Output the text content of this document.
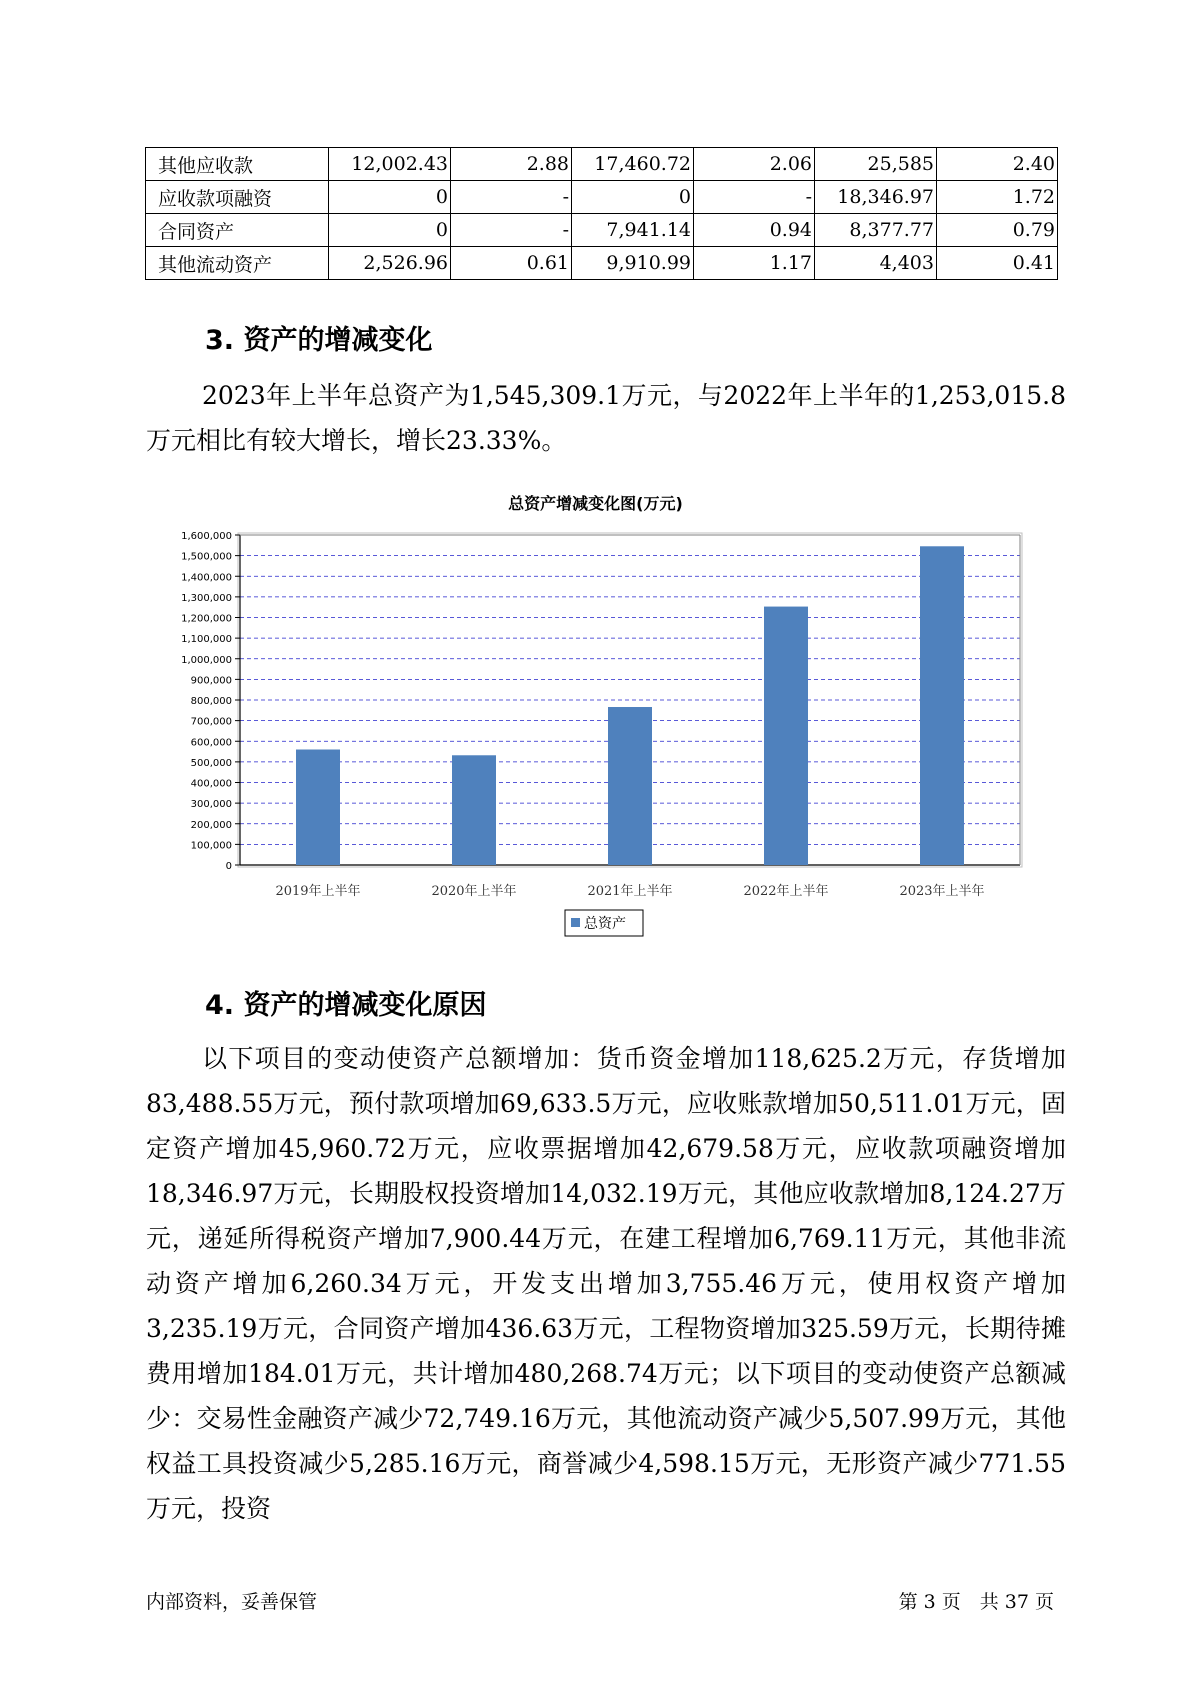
其他应收款	12,002.43	2.88	17,460.72	2.06	25,585	2.40
应收款项融资	0	-	0	-	18,346.97	1.72
合同资产	0	-	7,941.14	0.94	8,377.77	0.79
其他流动资产	2,526.96	0.61	9,910.99	1.17	4,403	0.41
3. 资产的增减变化

2023年上半年总资产为1,545,309.1万元，与2022年上半年的1,253,015.8万元相比有较大增长，增长23.33%。

总资产增减变化图(万元)
0
100,000
200,000
300,000
400,000
500,000
600,000
700,000
800,000
900,000
1,000,000
1,100,000
1,200,000
1,300,000
1,400,000
1,500,000
1,600,000
2019年上半年	2020年上半年	2021年上半年	2022年上半年	2023年上半年
总资产
4. 资产的增减变化原因

以下项目的变动使资产总额增加：货币资金增加118,625.2万元，存货增加83,488.55万元，预付款项增加69,633.5万元，应收账款增加50,511.01万元，固定资产增加45,960.72万元，应收票据增加42,679.58万元，应收款项融资增加18,346.97万元，长期股权投资增加14,032.19万元，其他应收款增加8,124.27万元，递延所得税资产增加7,900.44万元，在建工程增加6,769.11万元，其他非流动资产增加6,260.34万元，开发支出增加3,755.46万元，使用权资产增加3,235.19万元，合同资产增加436.63万元，工程物资增加325.59万元，长期待摊费用增加184.01万元，共计增加480,268.74万元；以下项目的变动使资产总额减少：交易性金融资产减少72,749.16万元，其他流动资产减少5,507.99万元，其他权益工具投资减少5,285.16万元，商誉减少4,598.15万元，无形资产减少771.55万元，投资

内部资料，妥善保管	第 3 页　共 37 页
